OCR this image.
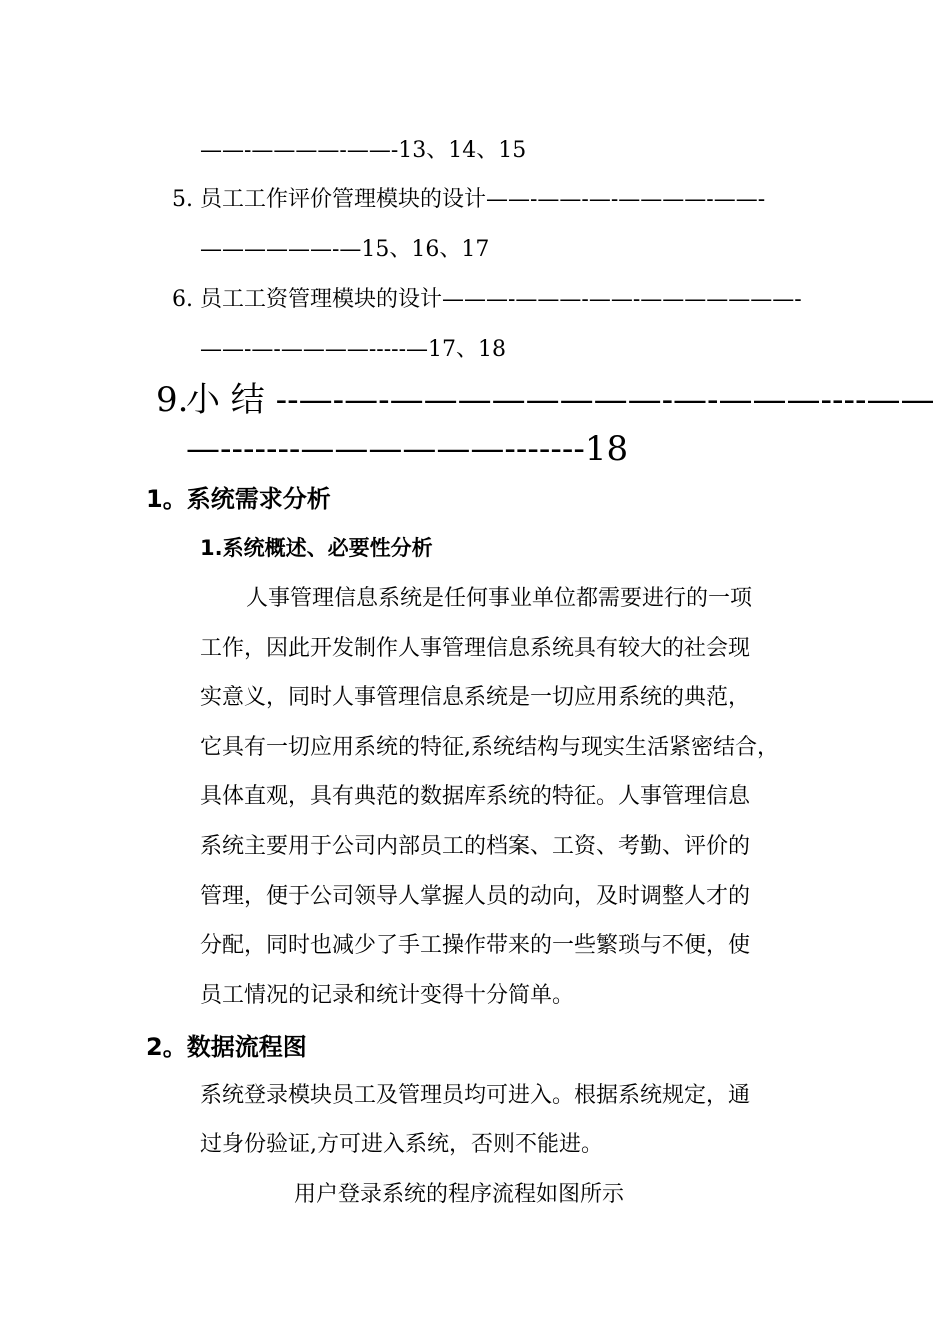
——-————-——-13、14、15
5. 员工工作评价管理模块的设计——-——-—-————-——-
——————-—15、16、17
6. 员工工资管理模块的设计———-———-——-———————-
——-—-————-----—17、18
9.
小 结 --—-—-————————-—-———----——
—-------——————-------18
1。系统需求分析
1.系统概述、必要性分析
人事管理信息系统是任何事业单位都需要进行的一项
工作，因此开发制作人事管理信息系统具有较大的社会现
实意义，同时人事管理信息系统是一切应用系统的典范，
它具有一切应用系统的特征,系统结构与现实生活紧密结合，
具体直观，具有典范的数据库系统的特征。人事管理信息
系统主要用于公司内部员工的档案、工资、考勤、评价的
管理，便于公司领导人掌握人员的动向，及时调整人才的
分配，同时也减少了手工操作带来的一些繁琐与不便，使
员工情况的记录和统计变得十分简单。
2。数据流程图
系统登录模块员工及管理员均可进入。根据系统规定，通
过身份验证,方可进入系统，否则不能进。
用户登录系统的程序流程如图所示
